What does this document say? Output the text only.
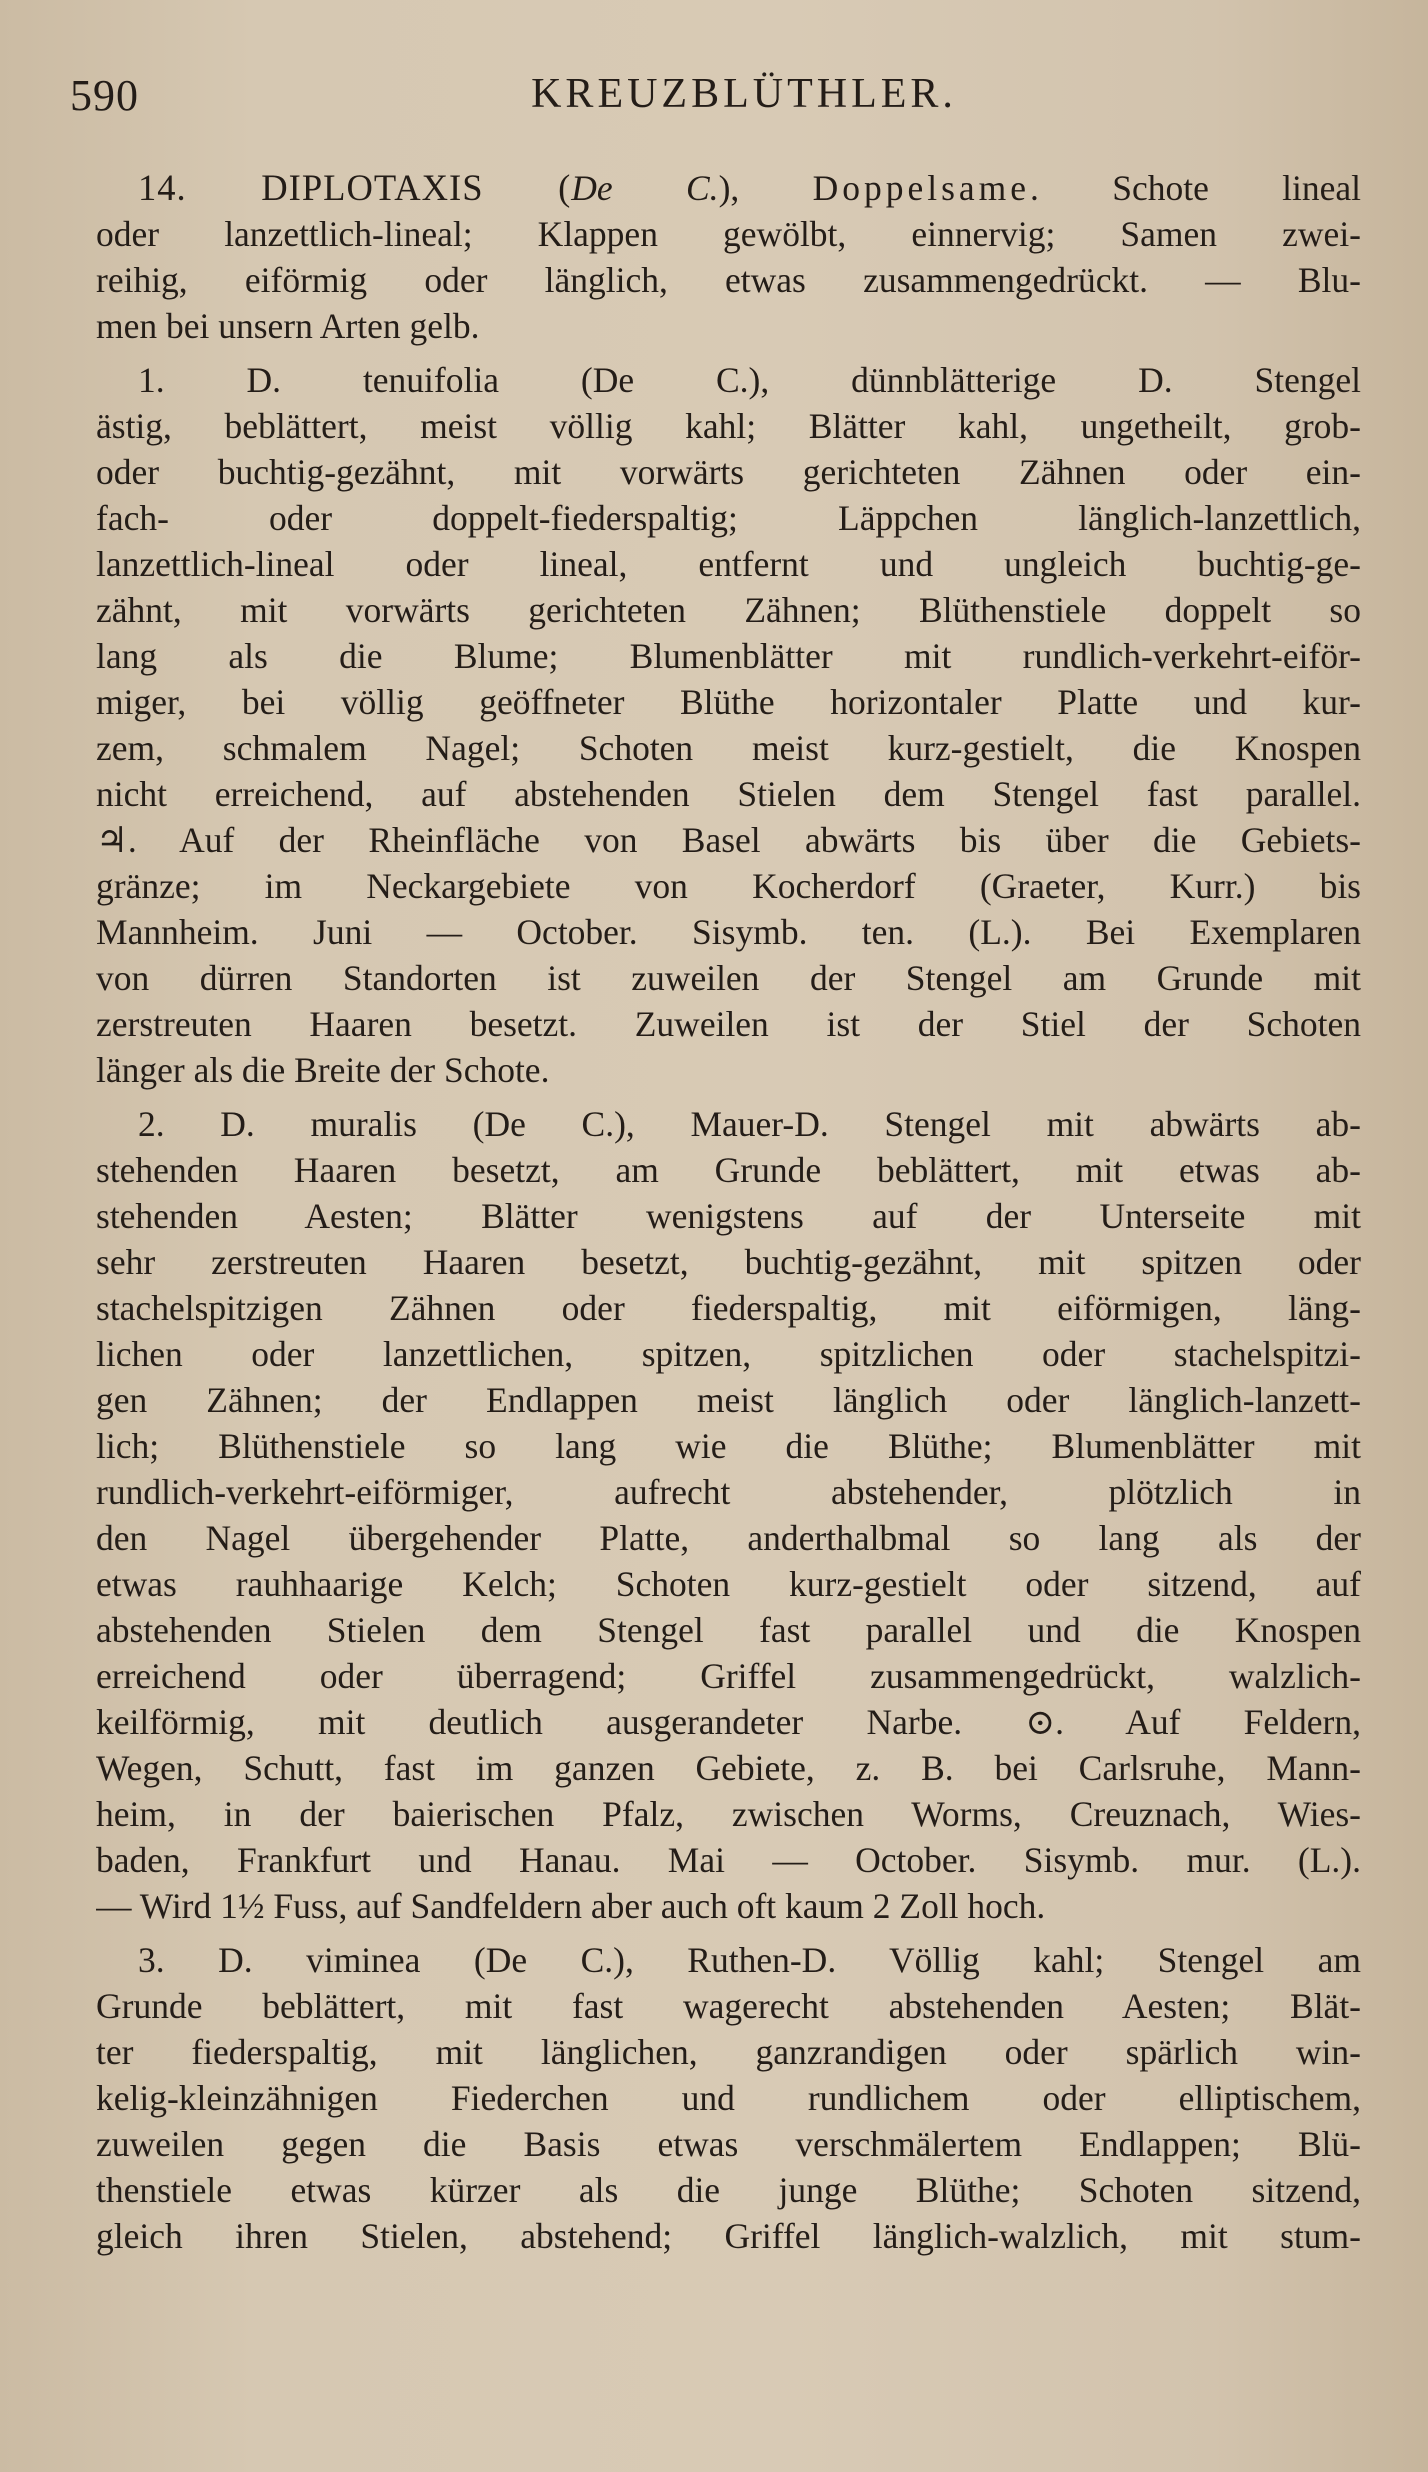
590	KREUZBLÜTHLER.
14. DIPLOTAXIS (De C.), Doppelsame. Schote lineal
oder lanzettlich-lineal; Klappen gewölbt, einnervig; Samen zwei-
reihig, eiförmig oder länglich, etwas zusammengedrückt. — Blu-
men bei unsern Arten gelb.
1. D. tenuifolia (De C.), dünnblätterige D. Stengel
ästig, beblättert, meist völlig kahl; Blätter kahl, ungetheilt, grob-
oder buchtig-gezähnt, mit vorwärts gerichteten Zähnen oder ein-
fach- oder doppelt-fiederspaltig; Läppchen länglich-lanzettlich,
lanzettlich-lineal oder lineal, entfernt und ungleich buchtig-ge-
zähnt, mit vorwärts gerichteten Zähnen; Blüthenstiele doppelt so
lang als die Blume; Blumenblätter mit rundlich-verkehrt-eiför-
miger, bei völlig geöffneter Blüthe horizontaler Platte und kur-
zem, schmalem Nagel; Schoten meist kurz-gestielt, die Knospen
nicht erreichend, auf abstehenden Stielen dem Stengel fast parallel.
♃. Auf der Rheinfläche von Basel abwärts bis über die Gebiets-
gränze; im Neckargebiete von Kocherdorf (Graeter, Kurr.) bis
Mannheim. Juni — October. Sisymb. ten. (L.). Bei Exemplaren
von dürren Standorten ist zuweilen der Stengel am Grunde mit
zerstreuten Haaren besetzt. Zuweilen ist der Stiel der Schoten
länger als die Breite der Schote.
2. D. muralis (De C.), Mauer-D. Stengel mit abwärts ab-
stehenden Haaren besetzt, am Grunde beblättert, mit etwas ab-
stehenden Aesten; Blätter wenigstens auf der Unterseite mit
sehr zerstreuten Haaren besetzt, buchtig-gezähnt, mit spitzen oder
stachelspitzigen Zähnen oder fiederspaltig, mit eiförmigen, läng-
lichen oder lanzettlichen, spitzen, spitzlichen oder stachelspitzi-
gen Zähnen; der Endlappen meist länglich oder länglich-lanzett-
lich; Blüthenstiele so lang wie die Blüthe; Blumenblätter mit
rundlich-verkehrt-eiförmiger, aufrecht abstehender, plötzlich in
den Nagel übergehender Platte, anderthalbmal so lang als der
etwas rauhhaarige Kelch; Schoten kurz-gestielt oder sitzend, auf
abstehenden Stielen dem Stengel fast parallel und die Knospen
erreichend oder überragend; Griffel zusammengedrückt, walzlich-
keilförmig, mit deutlich ausgerandeter Narbe. ⊙. Auf Feldern,
Wegen, Schutt, fast im ganzen Gebiete, z. B. bei Carlsruhe, Mann-
heim, in der baierischen Pfalz, zwischen Worms, Creuznach, Wies-
baden, Frankfurt und Hanau. Mai — October. Sisymb. mur. (L.).
— Wird 1½ Fuss, auf Sandfeldern aber auch oft kaum 2 Zoll hoch.
3. D. viminea (De C.), Ruthen-D. Völlig kahl; Stengel am
Grunde beblättert, mit fast wagerecht abstehenden Aesten; Blät-
ter fiederspaltig, mit länglichen, ganzrandigen oder spärlich win-
kelig-kleinzähnigen Fiederchen und rundlichem oder elliptischem,
zuweilen gegen die Basis etwas verschmälertem Endlappen; Blü-
thenstiele etwas kürzer als die junge Blüthe; Schoten sitzend,
gleich ihren Stielen, abstehend; Griffel länglich-walzlich, mit stum-
